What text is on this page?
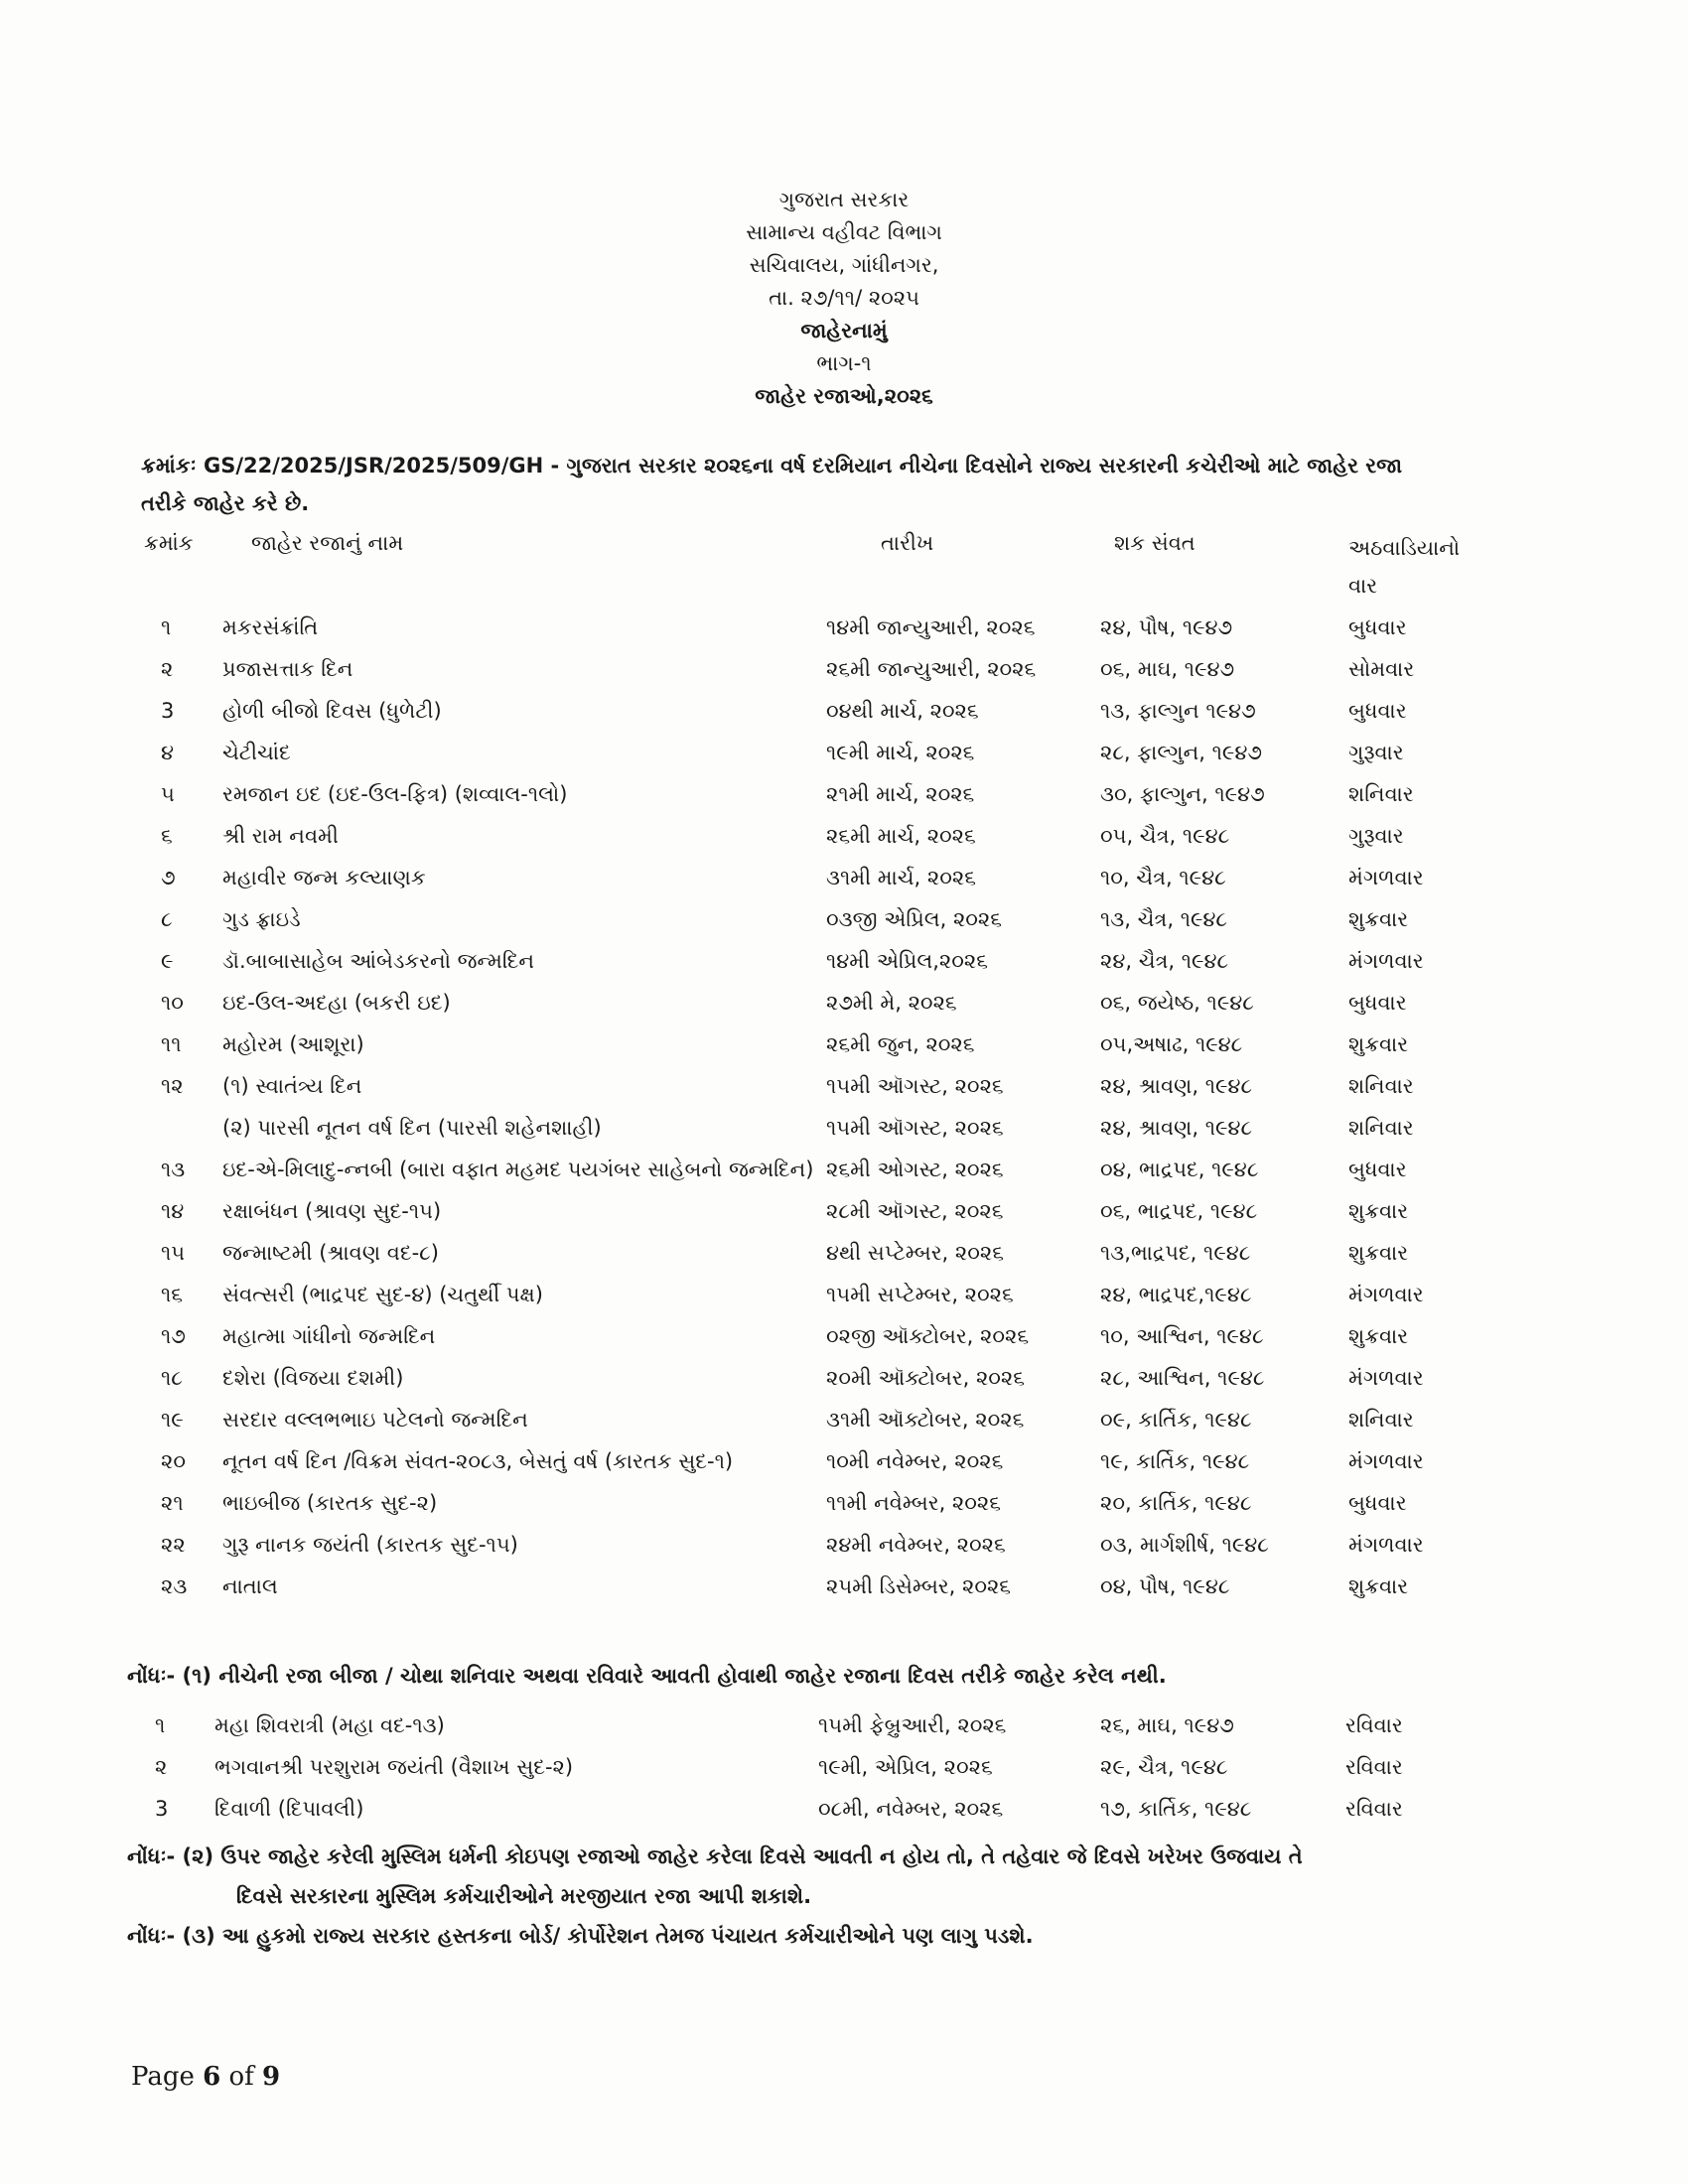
ગુજરાત સરકાર
સામાન્ય વહીવટ વિભાગ
સચિવાલય, ગાંધીનગર,
તા. ૨૭/૧૧/ ૨૦૨૫
જાહેરનામું
ભાગ-૧
જાહેર રજાઓ,૨૦૨૬
ક્રમાંકઃ GS/22/2025/JSR/2025/509/GH - ગુજરાત સરકાર ૨૦૨૬ના વર્ષ દરમિયાન નીચેના દિવસોને રાજ્ય સરકારની કચેરીઓ માટે જાહેર રજા તરીકે જાહેર કરે છે.
ક્રમાંક	જાહેર રજાનું નામ	તારીખ	શક સંવત	અઠવાડિયાનો વાર
૧ મકરસંક્રાંતિ	૧૪મી જાન્યુઆરી, ૨૦૨૬	૨૪, પૌષ, ૧૯૪૭	બુધવાર
૨ પ્રજાસત્તાક દિન	૨૬મી જાન્યુઆરી, ૨૦૨૬	૦૬, માઘ, ૧૯૪૭	સોમવાર
3 હોળી બીજો દિવસ (ધુળેટી)	૦૪થી માર્ચ, ૨૦૨૬	૧૩, ફાલ્ગુન ૧૯૪૭	બુધવાર
૪ ચેટીચાંદ	૧૯મી માર્ચ, ૨૦૨૬	૨૮, ફાલ્ગુન, ૧૯૪૭	ગુરૂવાર
૫ રમજાન ઇદ (ઇદ-ઉલ-ફિત્ર) (શવ્વાલ-૧લો)	૨૧મી માર્ચ, ૨૦૨૬	૩૦, ફાલ્ગુન, ૧૯૪૭	શનિવાર
૬ શ્રી રામ નવમી	૨૬મી માર્ચ, ૨૦૨૬	૦૫, ચૈત્ર, ૧૯૪૮	ગુરૂવાર
૭ મહાવીર જન્મ કલ્યાણક	૩૧મી માર્ચ, ૨૦૨૬	૧૦, ચૈત્ર, ૧૯૪૮	મંગળવાર
૮ ગુડ ફ્રાઇડે	૦૩જી એપ્રિલ, ૨૦૨૬	૧૩, ચૈત્ર, ૧૯૪૮	શુક્રવાર
૯ ડૉ.બાબાસાહેબ આંબેડકરનો જન્મદિન	૧૪મી એપ્રિલ,૨૦૨૬	૨૪, ચૈત્ર, ૧૯૪૮	મંગળવાર
૧૦ ઇદ-ઉલ-અદહા (બકરી ઇદ)	૨૭મી મે, ૨૦૨૬	૦૬, જયેષ્ઠ, ૧૯૪૮	બુધવાર
૧૧ મહોરમ (આશૂરા)	૨૬મી જુન, ૨૦૨૬	૦૫,અષાઢ, ૧૯૪૮	શુક્રવાર
૧૨ (૧) સ્વાતંત્ર્ય દિન	૧૫મી ઑગસ્ટ, ૨૦૨૬	૨૪, શ્રાવણ, ૧૯૪૮	શનિવાર
(૨) પારસી નૂતન વર્ષ દિન (પારસી શહેનશાહી)	૧૫મી ઑગસ્ટ, ૨૦૨૬	૨૪, શ્રાવણ, ૧૯૪૮	શનિવાર
૧૩ ઇદ-એ-મિલાદુ-ન્નબી (બારા વફાત મહમદ પયગંબર સાહેબનો જન્મદિન) ૨૬મી ઓગસ્ટ, ૨૦૨૬	૦૪, ભાદ્રપદ, ૧૯૪૮	બુધવાર
૧૪ રક્ષાબંધન (શ્રાવણ સુદ-૧૫)	૨૮મી ઑગસ્ટ, ૨૦૨૬	૦૬, ભાદ્રપદ, ૧૯૪૮	શુક્રવાર
૧૫ જન્માષ્ટમી (શ્રાવણ વદ-૮)	૪થી સપ્ટેમ્બર, ૨૦૨૬	૧૩,ભાદ્રપદ, ૧૯૪૮	શુક્રવાર
૧૬ સંવત્સરી (ભાદ્રપદ સુદ-૪) (ચતુર્થી પક્ષ)	૧૫મી સપ્ટેમ્બર, ૨૦૨૬	૨૪, ભાદ્રપદ,૧૯૪૮	મંગળવાર
૧૭ મહાત્મા ગાંધીનો જન્મદિન	૦૨જી ઑક્ટોબર, ૨૦૨૬	૧૦, આશ્વિન, ૧૯૪૮	શુક્રવાર
૧૮ દશેરા (વિજયા દશમી)	૨૦મી ઑક્ટોબર, ૨૦૨૬	૨૮, આશ્વિન, ૧૯૪૮	મંગળવાર
૧૯ સરદાર વલ્લભભાઇ પટેલનો જન્મદિન	૩૧મી ઑક્ટોબર, ૨૦૨૬	૦૯, કાર્તિક, ૧૯૪૮	શનિવાર
૨૦ નૂતન વર્ષ દિન /વિક્રમ સંવત-૨૦૮૩, બેસતું વર્ષ (કારતક સુદ-૧)	૧૦મી નવેમ્બર, ૨૦૨૬	૧૯, કાર્તિક, ૧૯૪૮	મંગળવાર
૨૧ ભાઇબીજ (કારતક સુદ-૨)	૧૧મી નવેમ્બર, ૨૦૨૬	૨૦, કાર્તિક, ૧૯૪૮	બુધવાર
૨૨ ગુરૂ નાનક જયંતી (કારતક સુદ-૧૫)	૨૪મી નવેમ્બર, ૨૦૨૬	૦૩, માર્ગશીર્ષ, ૧૯૪૮	મંગળવાર
૨૩ નાતાલ	૨૫મી ડિસેમ્બર, ૨૦૨૬	૦૪, પૌષ, ૧૯૪૮	શુક્રવાર
નોંધઃ- (૧) નીચેની રજા બીજા / ચોથા શનિવાર અથવા રવિવારે આવતી હોવાથી જાહેર રજાના દિવસ તરીકે જાહેર કરેલ નથી.
૧ મહા શિવરાત્રી (મહા વદ-૧૩)	૧૫મી ફેબ્રુઆરી, ૨૦૨૬	૨૬, માઘ, ૧૯૪૭	રવિવાર
૨ ભગવાનશ્રી પરશુરામ જયંતી (વૈશાખ સુદ-૨)	૧૯મી, એપ્રિલ, ૨૦૨૬	૨૯, ચૈત્ર, ૧૯૪૮	રવિવાર
3 દિવાળી (દિપાવલી)	૦૮મી, નવેમ્બર, ૨૦૨૬	૧૭, કાર્તિક, ૧૯૪૮	રવિવાર
નોંધઃ- (૨) ઉપર જાહેર કરેલી મુસ્લિમ ધર્મની કોઇપણ રજાઓ જાહેર કરેલા દિવસે આવતી ન હોય તો, તે તહેવાર જે દિવસે ખરેખર ઉજવાય તે
દિવસે સરકારના મુસ્લિમ કર્મચારીઓને મરજીયાત રજા આપી શકાશે.
નોંધઃ- (૩) આ હુકમો રાજ્ય સરકાર હસ્તકના બોર્ડ/ કોર્પોરેશન તેમજ પંચાયત કર્મચારીઓને પણ લાગુ પડશે.
Page 6 of 9
